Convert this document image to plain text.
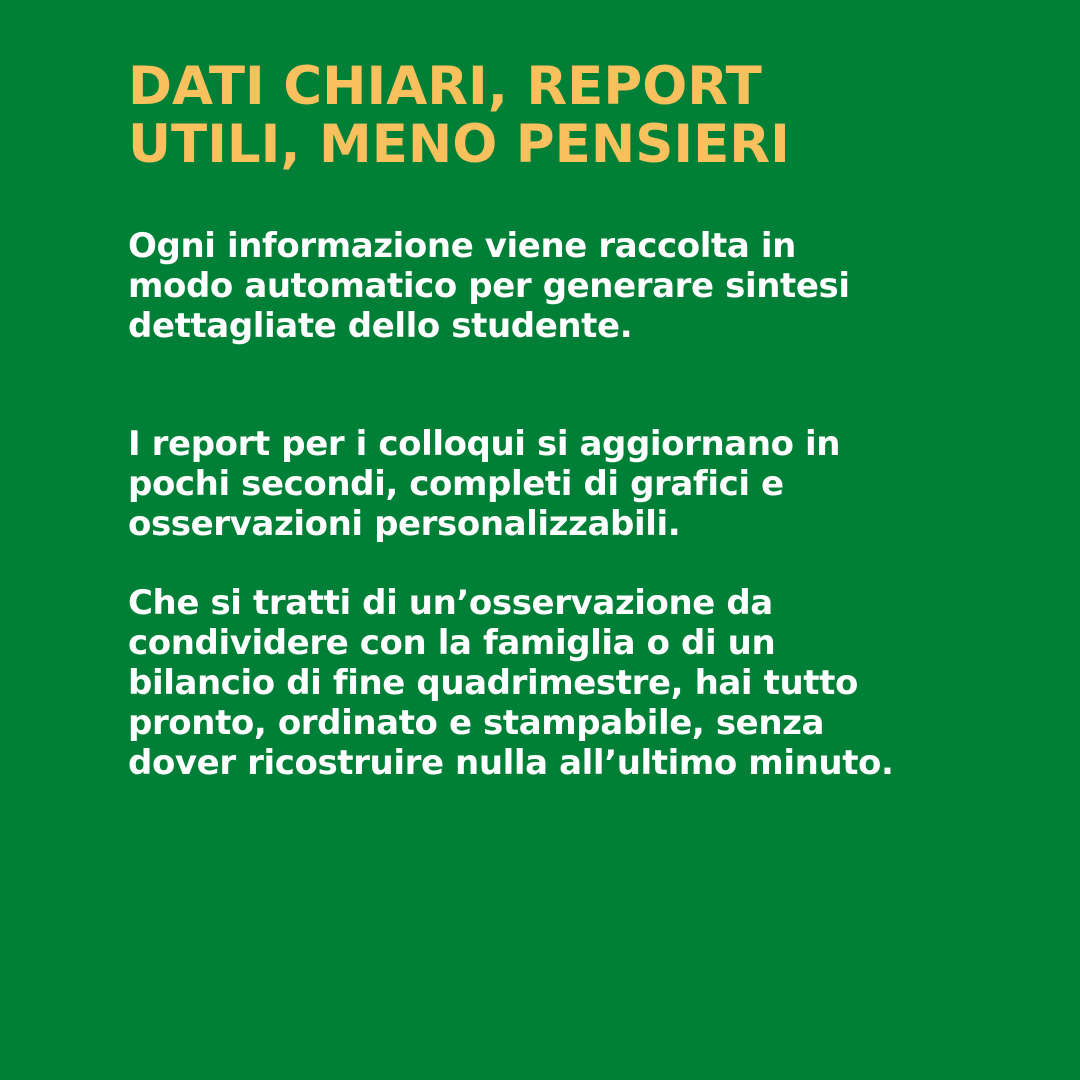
DATI CHIARI, REPORT
UTILI, MENO PENSIERI

Ogni informazione viene raccolta in
modo automatico per generare sintesi
dettagliate dello studente.

I report per i colloqui si aggiornano in
pochi secondi, completi di grafici e
osservazioni personalizzabili.

Che si tratti di un’osservazione da
condividere con la famiglia o di un
bilancio di fine quadrimestre, hai tutto
pronto, ordinato e stampabile, senza
dover ricostruire nulla all’ultimo minuto.
